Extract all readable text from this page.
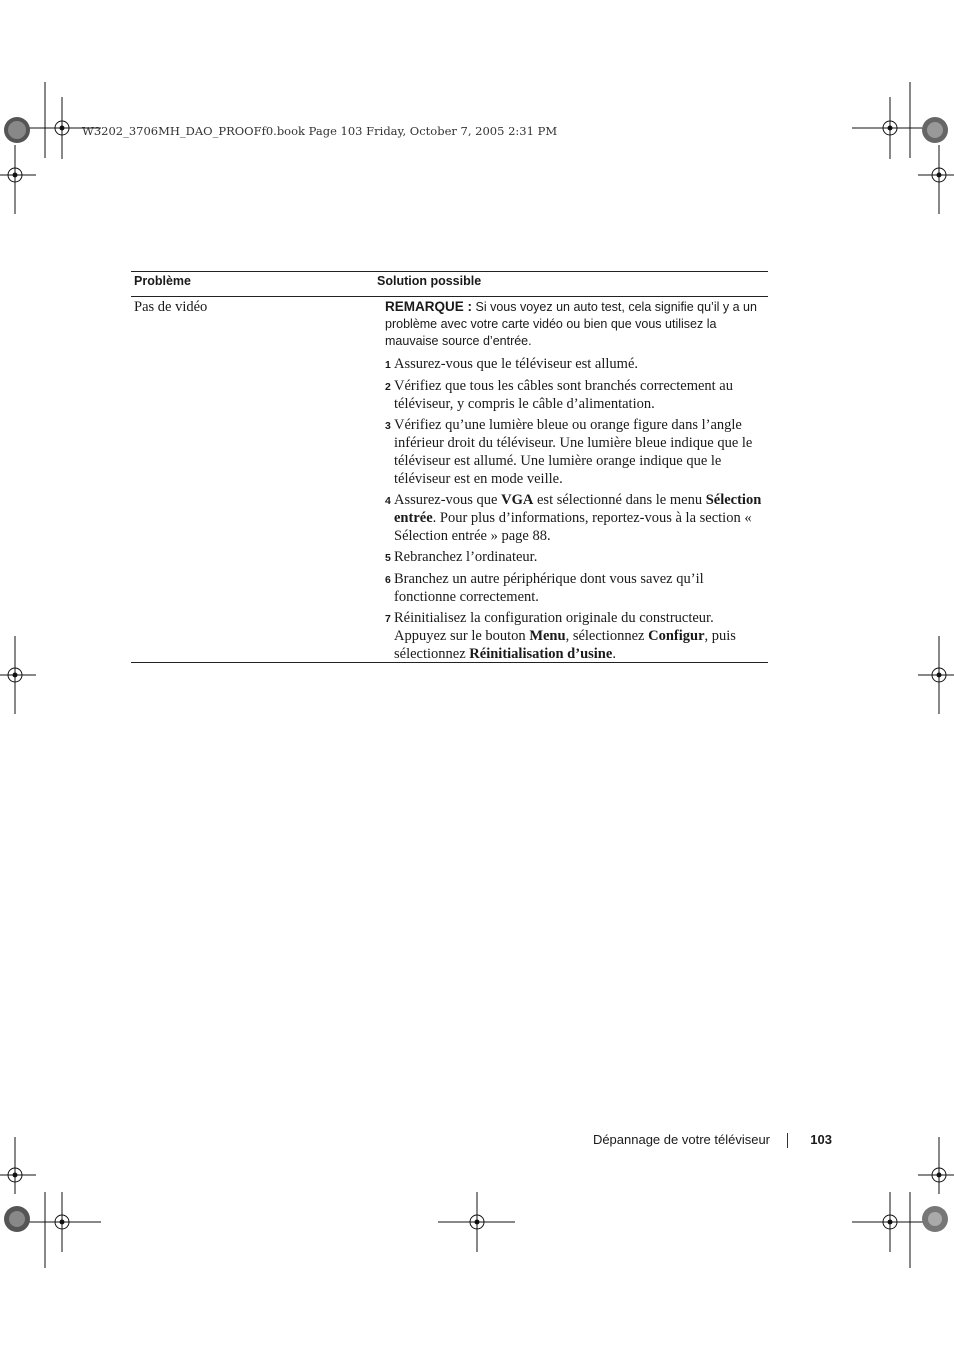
W3202_3706MH_DAO_PROOFf0.book Page 103 Friday, October 7, 2005 2:31 PM
Problème	Solution possible
Pas de vidéo	REMARQUE : Si vous voyez un auto test, cela signifie qu’il y a un problème avec votre carte vidéo ou bien que vous utilisez la mauvaise source d’entrée.
1 Assurez-vous que le téléviseur est allumé.
2 Vérifiez que tous les câbles sont branchés correctement au téléviseur, y compris le câble d’alimentation.
3 Vérifiez qu’une lumière bleue ou orange figure dans l’angle inférieur droit du téléviseur. Une lumière bleue indique que le téléviseur est allumé. Une lumière orange indique que le téléviseur est en mode veille.
4 Assurez-vous que VGA est sélectionné dans le menu Sélection entrée. Pour plus d’informations, reportez-vous à la section « Sélection entrée » page 88.
5 Rebranchez l’ordinateur.
6 Branchez un autre périphérique dont vous savez qu’il fonctionne correctement.
7 Réinitialisez la configuration originale du constructeur. Appuyez sur le bouton Menu, sélectionnez Configur, puis sélectionnez Réinitialisation d’usine.
Dépannage de votre téléviseur	103
